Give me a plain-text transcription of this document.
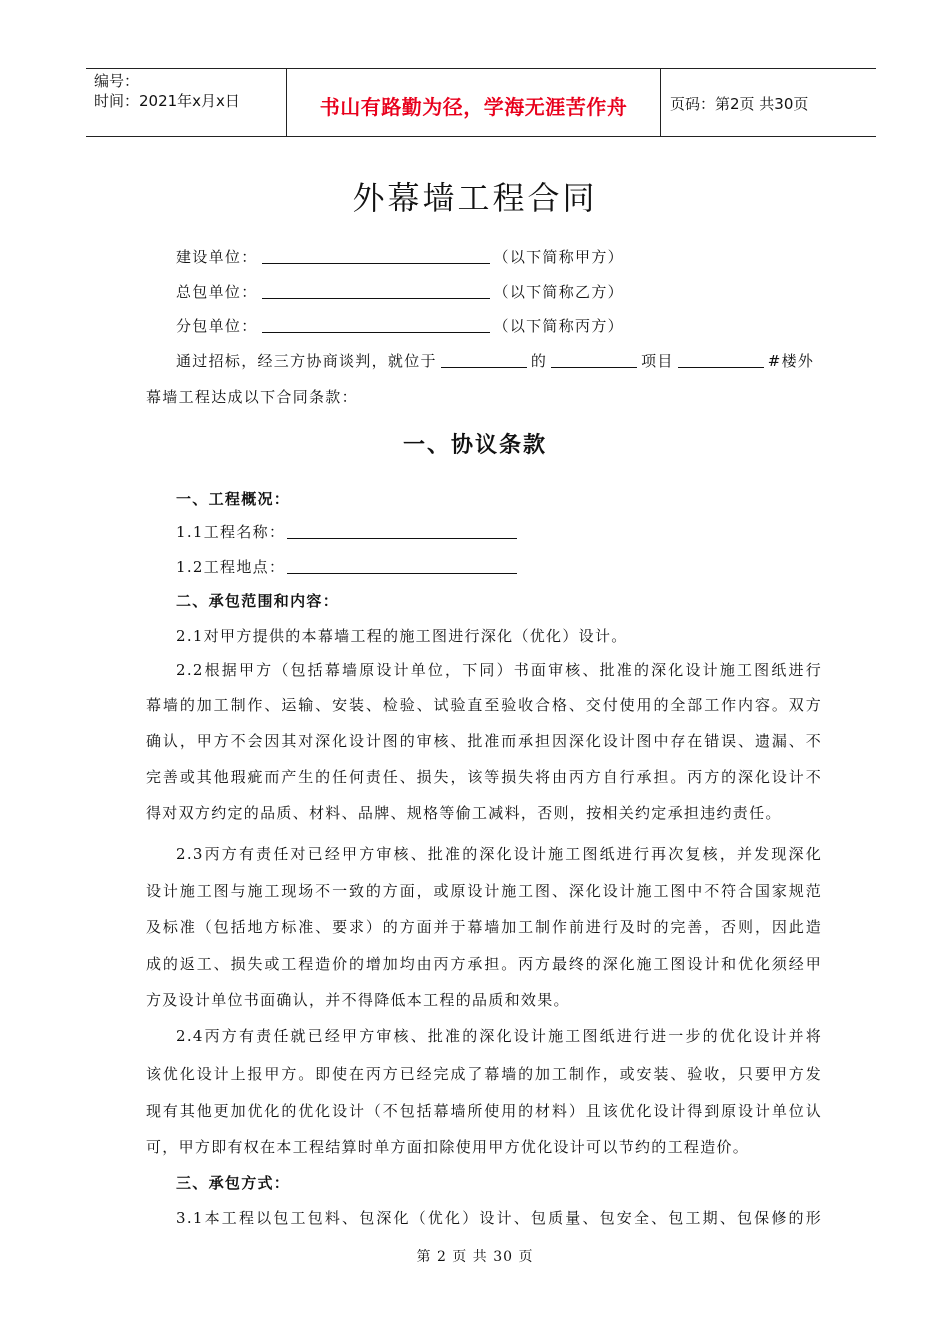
编号：
时间：2021年x月x日	书山有路勤为径，学海无涯苦作舟	页码：第2页 共30页
外幕墙工程合同
建设单位：	（以下简称甲方）
总包单位：	（以下简称乙方）
分包单位：	（以下简称丙方）
通过招标，经三方协商谈判，就位于	的	项目	#楼外
幕墙工程达成以下合同条款：
一、协议条款
一、工程概况：
1.1工程名称：
1.2工程地点：
二、承包范围和内容：
2.1对甲方提供的本幕墙工程的施工图进行深化（优化）设计。
2.2根据甲方（包括幕墙原设计单位，下同）书面审核、批准的深化设计施工图纸进行
幕墙的加工制作、运输、安装、检验、试验直至验收合格、交付使用的全部工作内容。双方
确认，甲方不会因其对深化设计图的审核、批准而承担因深化设计图中存在错误、遗漏、不
完善或其他瑕疵而产生的任何责任、损失，该等损失将由丙方自行承担。丙方的深化设计不
得对双方约定的品质、材料、品牌、规格等偷工减料，否则，按相关约定承担违约责任。
2.3丙方有责任对已经甲方审核、批准的深化设计施工图纸进行再次复核，并发现深化
设计施工图与施工现场不一致的方面，或原设计施工图、深化设计施工图中不符合国家规范
及标准（包括地方标准、要求）的方面并于幕墙加工制作前进行及时的完善，否则，因此造
成的返工、损失或工程造价的增加均由丙方承担。丙方最终的深化施工图设计和优化须经甲
方及设计单位书面确认，并不得降低本工程的品质和效果。
2.4丙方有责任就已经甲方审核、批准的深化设计施工图纸进行进一步的优化设计并将
该优化设计上报甲方。即使在丙方已经完成了幕墙的加工制作，或安装、验收，只要甲方发
现有其他更加优化的优化设计（不包括幕墙所使用的材料）且该优化设计得到原设计单位认
可，甲方即有权在本工程结算时单方面扣除使用甲方优化设计可以节约的工程造价。
三、承包方式：
3.1本工程以包工包料、包深化（优化）设计、包质量、包安全、包工期、包保修的形
第 2 页 共 30 页
